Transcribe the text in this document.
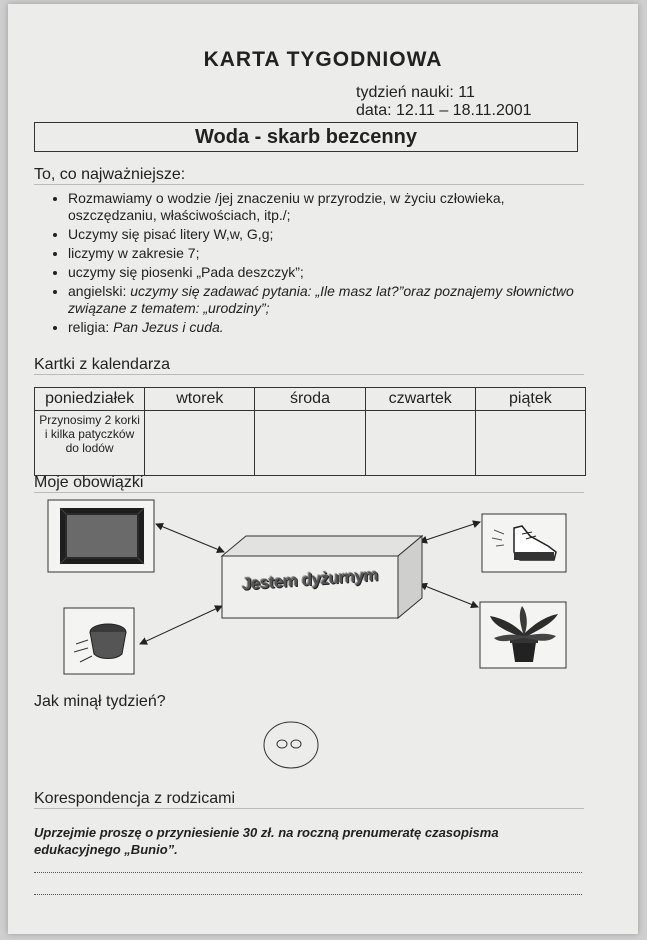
KARTA TYGODNIOWA
tydzień nauki: 11
data: 12.11 – 18.11.2001
Woda - skarb bezcenny
To, co najważniejsze:
• Rozmawiamy o wodzie /jej znaczeniu w przyrodzie, w życiu człowieka, oszczędzaniu, właściwościach, itp./;
• Uczymy się pisać litery W,w, G,g;
• liczymy w zakresie 7;
• uczymy się piosenki „Pada deszczyk”;
• angielski: uczymy się zadawać pytania: „Ile masz lat?”oraz poznajemy słownictwo związane z tematem: „urodziny”;
• religia: Pan Jezus i cuda.
Kartki z kalendarza
poniedziałek	wtorek	środa	czwartek	piątek
Przynosimy 2 korki i kilka patyczków do lodów				
Moje obowiązki
Jestem dyżurnym
Jak minął tydzień?
Korespondencja z rodzicami
Uprzejmie proszę o przyniesienie 30 zł. na roczną prenumeratę czasopisma edukacyjnego „Bunio”.
